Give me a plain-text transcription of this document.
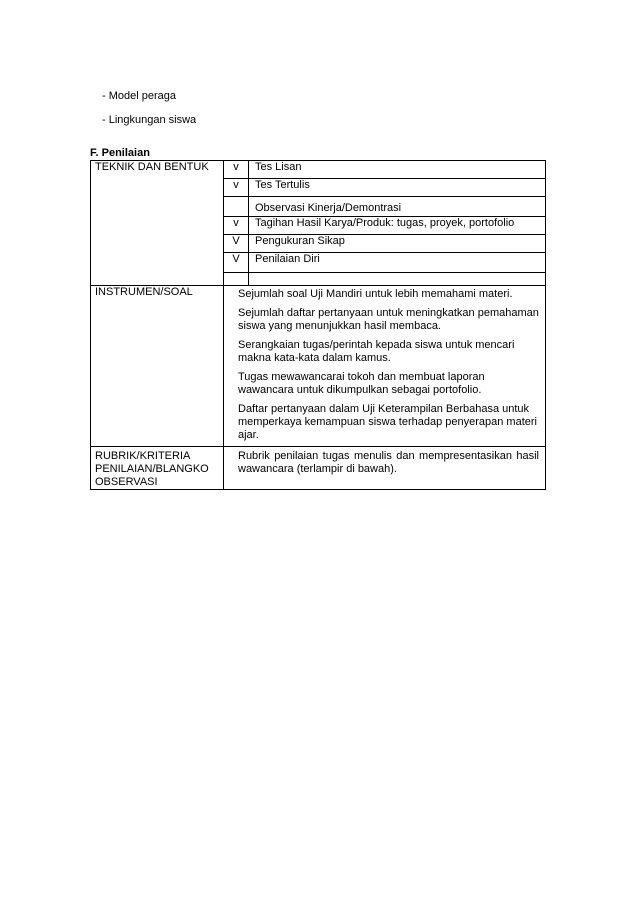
- Model peraga
- Lingkungan siswa
F. Penilaian
TEKNIK DAN BENTUK	v	Tes Lisan
	v	Tes Tertulis
		Observasi Kinerja/Demontrasi
	v	Tagihan Hasil Karya/Produk: tugas, proyek, portofolio
	V	Pengukuran Sikap
	V	Penilaian Diri

INSTRUMEN/SOAL	Sejumlah soal Uji Mandiri untuk lebih memahami materi.

Sejumlah daftar pertanyaan untuk meningkatkan pemahaman siswa yang menunjukkan hasil membaca.

Serangkaian tugas/perintah kepada siswa untuk mencari makna kata-kata dalam kamus.

Tugas mewawancarai tokoh dan membuat laporan wawancara untuk dikumpulkan sebagai portofolio.

Daftar pertanyaan dalam Uji Keterampilan Berbahasa untuk memperkaya kemampuan siswa terhadap penyerapan materi ajar.	

RUBRIK/KRITERIA PENILAIAN/BLANGKO OBSERVASI	Rubrik penilaian tugas menulis dan mempresentasikan hasil wawancara (terlampir di bawah).	
